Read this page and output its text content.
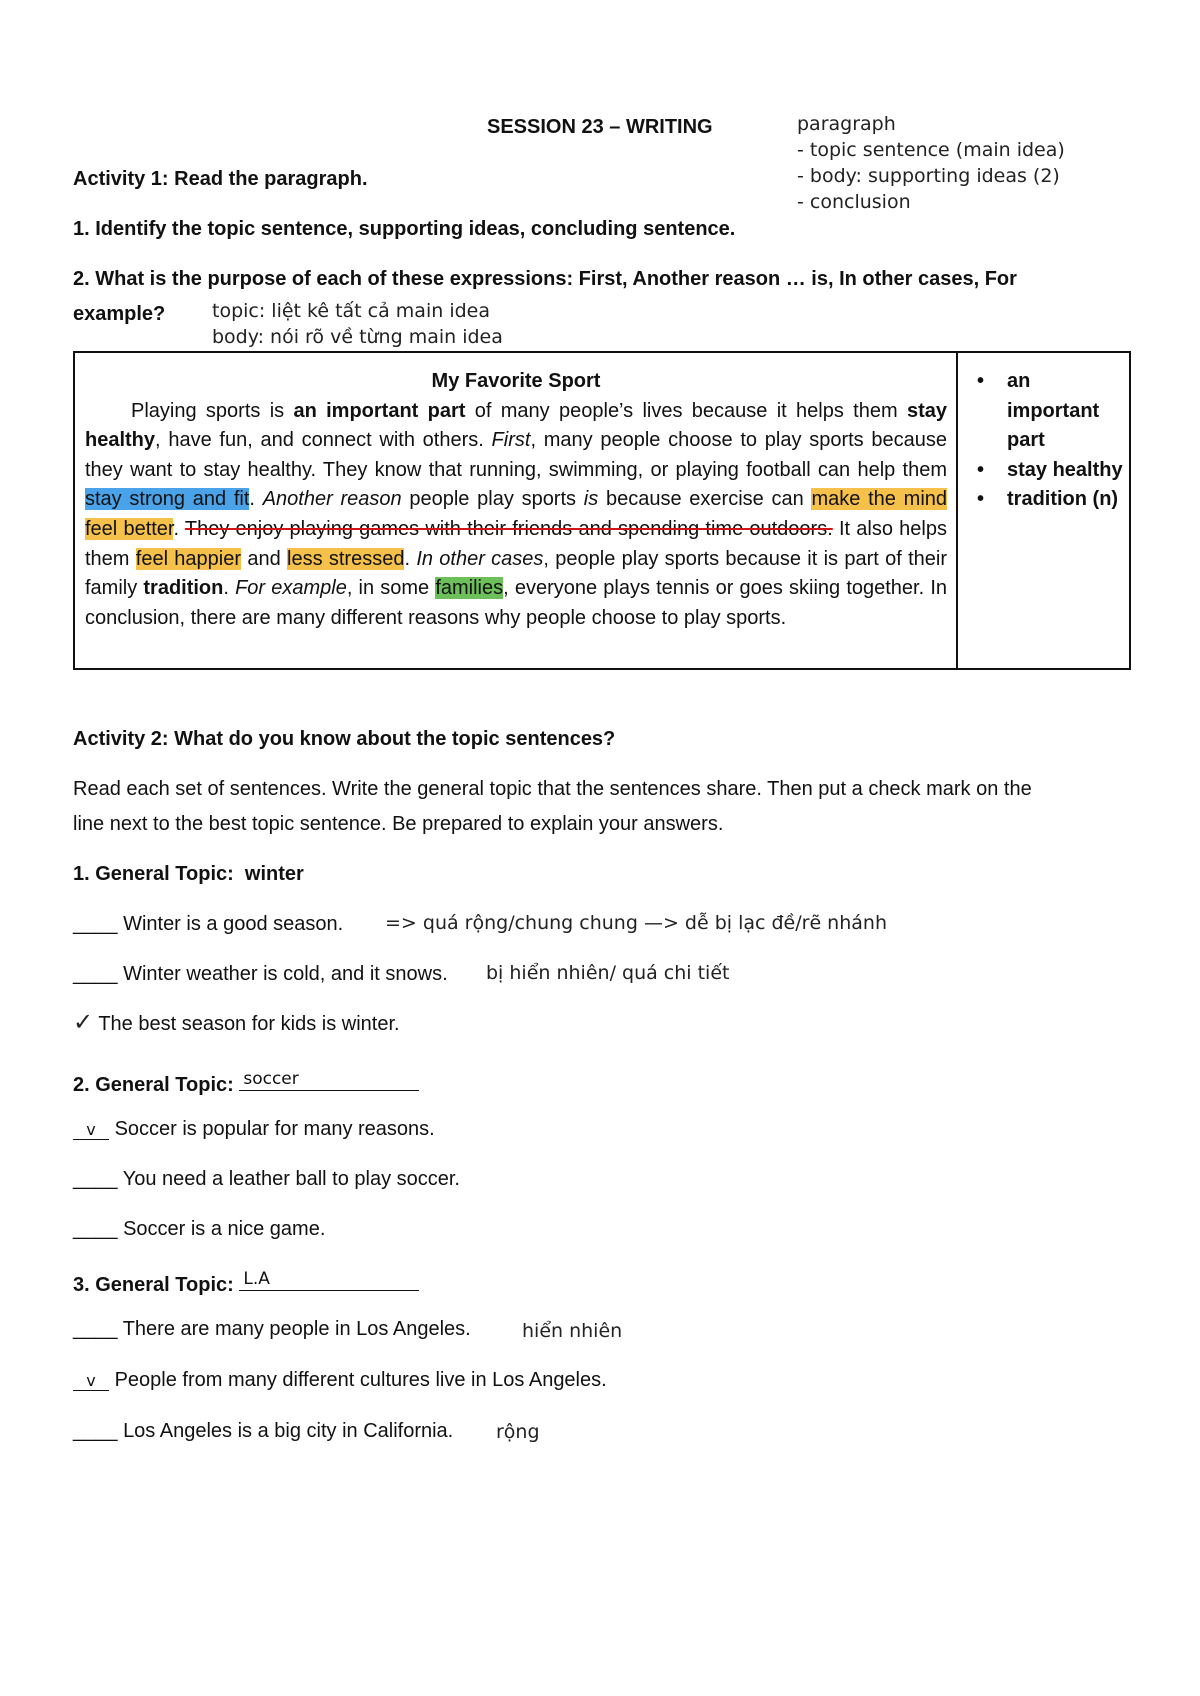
SESSION 23 – WRITING	paragraph
- topic sentence (main idea)
- body: supporting ideas (2)
- conclusion
Activity 1: Read the paragraph.
1. Identify the topic sentence, supporting ideas, concluding sentence.
2. What is the purpose of each of these expressions: First, Another reason … is, In other cases, For
example? topic: liệt kê tất cả main idea
body: nói rõ về từng main idea
My Favorite Sport
Playing sports is an important part of many people’s lives because it helps them stay healthy, have fun, and connect with others. First, many people choose to play sports because they want to stay healthy. They know that running, swimming, or playing football can help them stay strong and fit. Another reason people play sports is because exercise can make the mind feel better. They enjoy playing games with their friends and spending time outdoors. It also helps them feel happier and less stressed. In other cases, people play sports because it is part of their family tradition. For example, in some families, everyone plays tennis or goes skiing together. In conclusion, there are many different reasons why people choose to play sports.
• an important part
• stay healthy
• tradition (n)
Activity 2: What do you know about the topic sentences?
Read each set of sentences. Write the general topic that the sentences share. Then put a check mark on the
line next to the best topic sentence. Be prepared to explain your answers.
1. General Topic: winter
____ Winter is a good season. => quá rộng/chung chung —> dễ bị lạc đề/rẽ nhánh
____ Winter weather is cold, and it snows. bị hiển nhiên/ quá chi tiết
✓ The best season for kids is winter.
2. General Topic: soccer
v Soccer is popular for many reasons.
____ You need a leather ball to play soccer.
____ Soccer is a nice game.
3. General Topic: L.A
____ There are many people in Los Angeles.	hiển nhiên
v People from many different cultures live in Los Angeles.
____ Los Angeles is a big city in California. rộng
